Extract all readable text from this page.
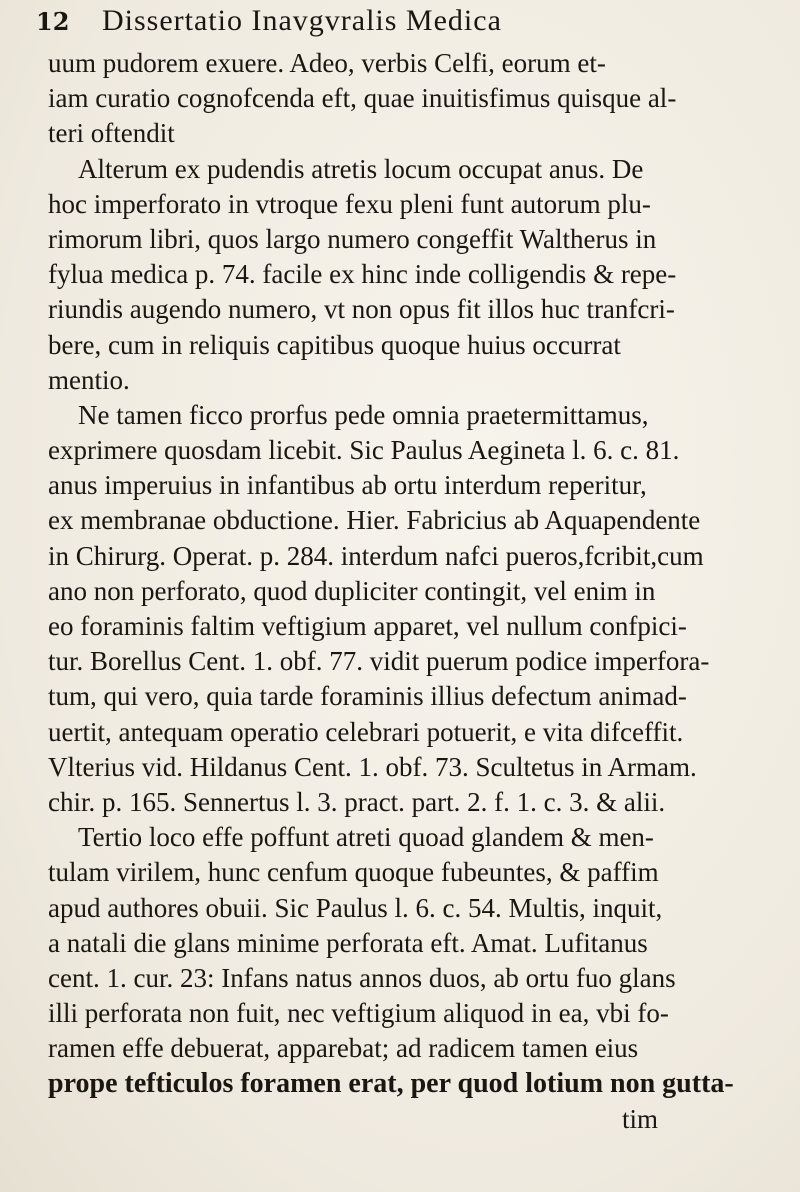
12	Dissertatio Inavgvralis Medica
uum pudorem exuere. Adeo, verbis Celfi, eorum et-
iam curatio cognofcenda eft, quae inuitisfimus quisque al-
teri oftendit
Alterum ex pudendis atretis locum occupat anus. De
hoc imperforato in vtroque fexu pleni funt autorum plu-
rimorum libri, quos largo numero congeffit Waltherus in
fylua medica p. 74. facile ex hinc inde colligendis & repe-
riundis augendo numero, vt non opus fit illos huc tranfcri-
bere, cum in reliquis capitibus quoque huius occurrat
mentio.
Ne tamen ficco prorfus pede omnia praetermittamus,
exprimere quosdam licebit. Sic Paulus Aegineta l. 6. c. 81.
anus imperuius in infantibus ab ortu interdum reperitur,
ex membranae obductione. Hier. Fabricius ab Aquapendente
in Chirurg. Operat. p. 284. interdum nafci pueros,fcribit,cum
ano non perforato, quod dupliciter contingit, vel enim in
eo foraminis faltim veftigium apparet, vel nullum confpici-
tur. Borellus Cent. 1. obf. 77. vidit puerum podice imperfora-
tum, qui vero, quia tarde foraminis illius defectum animad-
uertit, antequam operatio celebrari potuerit, e vita difceffit.
Vlterius vid. Hildanus Cent. 1. obf. 73. Scultetus in Armam.
chir. p. 165. Sennertus l. 3. pract. part. 2. f. 1. c. 3. & alii.
Tertio loco effe poffunt atreti quoad glandem & men-
tulam virilem, hunc cenfum quoque fubeuntes, & paffim
apud authores obuii. Sic Paulus l. 6. c. 54. Multis, inquit,
a natali die glans minime perforata eft. Amat. Lufitanus
cent. 1. cur. 23: Infans natus annos duos, ab ortu fuo glans
illi perforata non fuit, nec veftigium aliquod in ea, vbi fo-
ramen effe debuerat, apparebat; ad radicem tamen eius
prope tefticulos foramen erat, per quod lotium non gutta-
tim
